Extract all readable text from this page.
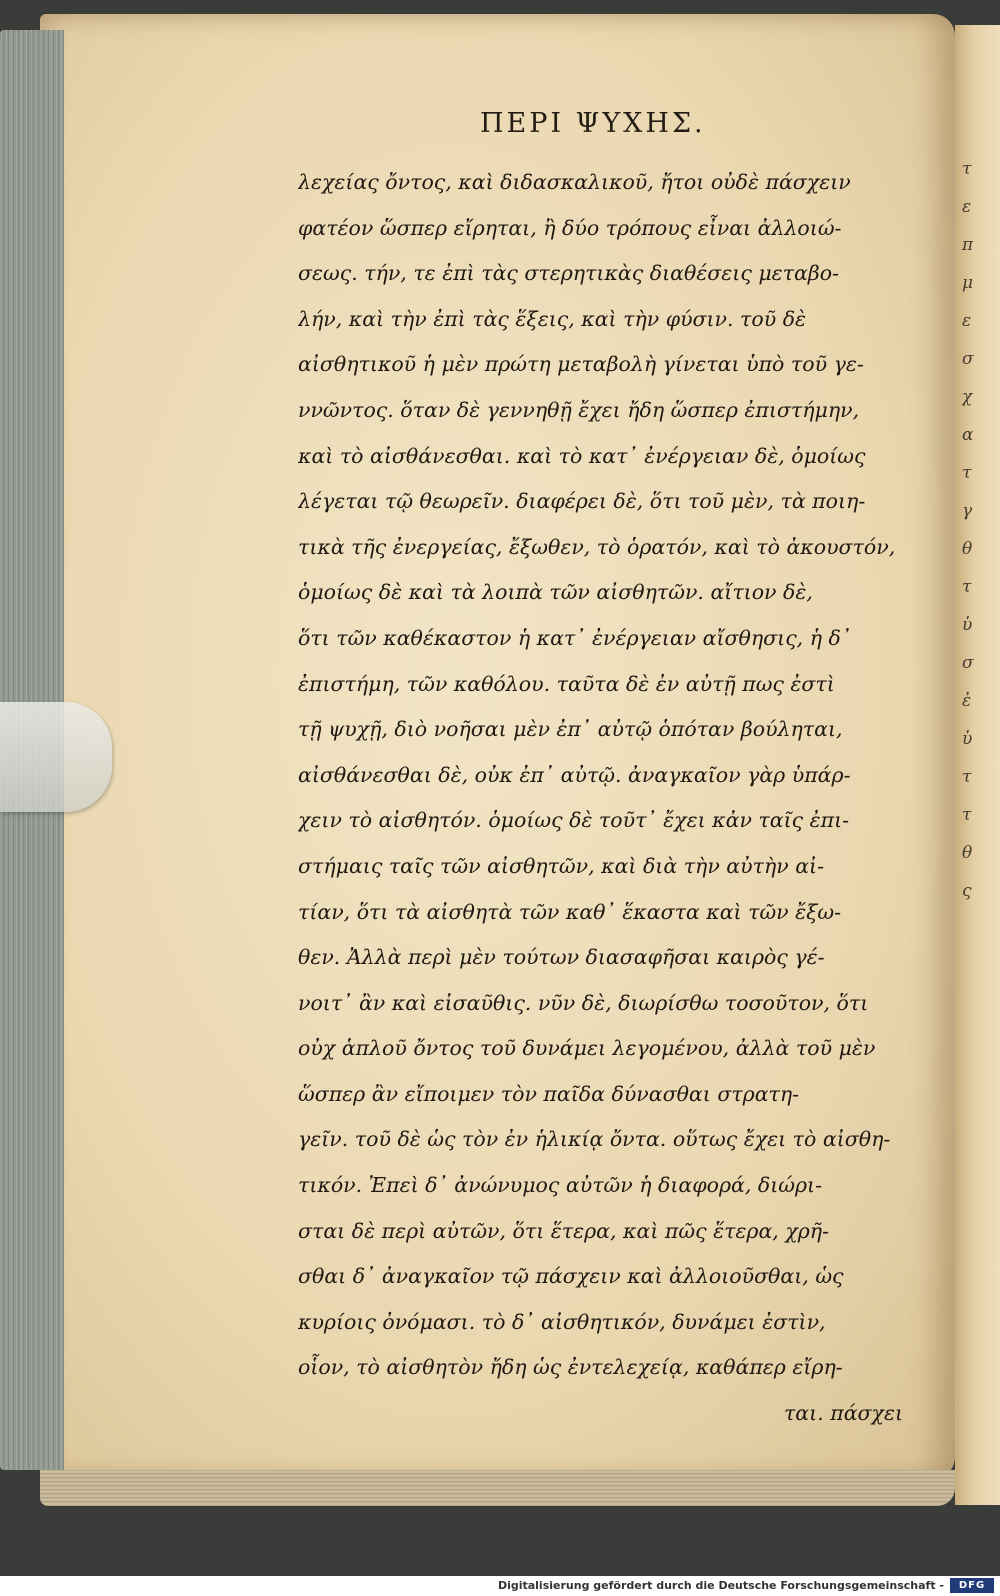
τ
ε
π
μ
ε
σ
χ
α
τ
γ
θ
τ
ὑ
σ
ἐ
ὑ
τ
τ
θ
ς
ΠΕΡΙ ΨΥΧΗΣ.
λεχείας ὄντος, καὶ διδασκαλικοῦ, ἤτοι οὐδὲ πάσχειν
φατέον ὥσπερ εἴρηται, ἢ δύο τρόπους εἶναι ἀλλοιώ-
σεως. τήν, τε ἐπὶ τὰς στερητικὰς διαθέσεις μεταβο-
λήν, καὶ τὴν ἐπὶ τὰς ἕξεις, καὶ τὴν φύσιν. τοῦ δὲ
αἰσθητικοῦ ἡ μὲν πρώτη μεταβολὴ γίνεται ὑπὸ τοῦ γε-
ννῶντος. ὅταν δὲ γεννηθῇ ἔχει ἤδη ὥσπερ ἐπιστήμην,
καὶ τὸ αἰσθάνεσθαι. καὶ τὸ κατ᾽ ἐνέργειαν δὲ, ὁμοίως
λέγεται τῷ θεωρεῖν. διαφέρει δὲ, ὅτι τοῦ μὲν, τὰ ποιη-
τικὰ τῆς ἐνεργείας, ἔξωθεν, τὸ ὁρατόν, καὶ τὸ ἀκουστόν,
ὁμοίως δὲ καὶ τὰ λοιπὰ τῶν αἰσθητῶν. αἴτιον δὲ,
ὅτι τῶν καθέκαστον ἡ κατ᾽ ἐνέργειαν αἴσθησις, ἡ δ᾽
ἐπιστήμη, τῶν καθόλου. ταῦτα δὲ ἐν αὐτῇ πως ἐστὶ
τῇ ψυχῇ, διὸ νοῆσαι μὲν ἐπ᾽ αὐτῷ ὁπόταν βούληται,
αἰσθάνεσθαι δὲ, οὐκ ἐπ᾽ αὐτῷ. ἀναγκαῖον γὰρ ὑπάρ-
χειν τὸ αἰσθητόν. ὁμοίως δὲ τοῦτ᾽ ἔχει κἀν ταῖς ἐπι-
στήμαις ταῖς τῶν αἰσθητῶν, καὶ διὰ τὴν αὐτὴν αἰ-
τίαν, ὅτι τὰ αἰσθητὰ τῶν καθ᾽ ἕκαστα καὶ τῶν ἔξω-
θεν. Ἀλλὰ περὶ μὲν τούτων διασαφῆσαι καιρὸς γέ-
νοιτ᾽ ἂν καὶ εἰσαῦθις. νῦν δὲ, διωρίσθω τοσοῦτον, ὅτι
οὐχ ἁπλοῦ ὄντος τοῦ δυνάμει λεγομένου, ἀλλὰ τοῦ μὲν
ὥσπερ ἂν εἴποιμεν τὸν παῖδα δύνασθαι στρατη-
γεῖν. τοῦ δὲ ὡς τὸν ἐν ἡλικίᾳ ὄντα. οὕτως ἔχει τὸ αἰσθη-
τικόν. Ἐπεὶ δ᾽ ἀνώνυμος αὐτῶν ἡ διαφορά, διώρι-
σται δὲ περὶ αὐτῶν, ὅτι ἕτερα, καὶ πῶς ἕτερα, χρῆ-
σθαι δ᾽ ἀναγκαῖον τῷ πάσχειν καὶ ἀλλοιοῦσθαι, ὡς
κυρίοις ὀνόμασι. τὸ δ᾽ αἰσθητικόν, δυνάμει ἐστὶν,
οἷον, τὸ αἰσθητὸν ἤδη ὡς ἐντελεχείᾳ, καθάπερ εἴρη-
ται. πάσχει
Digitalisierung gefördert durch die Deutsche Forschungsgemeinschaft -	DFG
